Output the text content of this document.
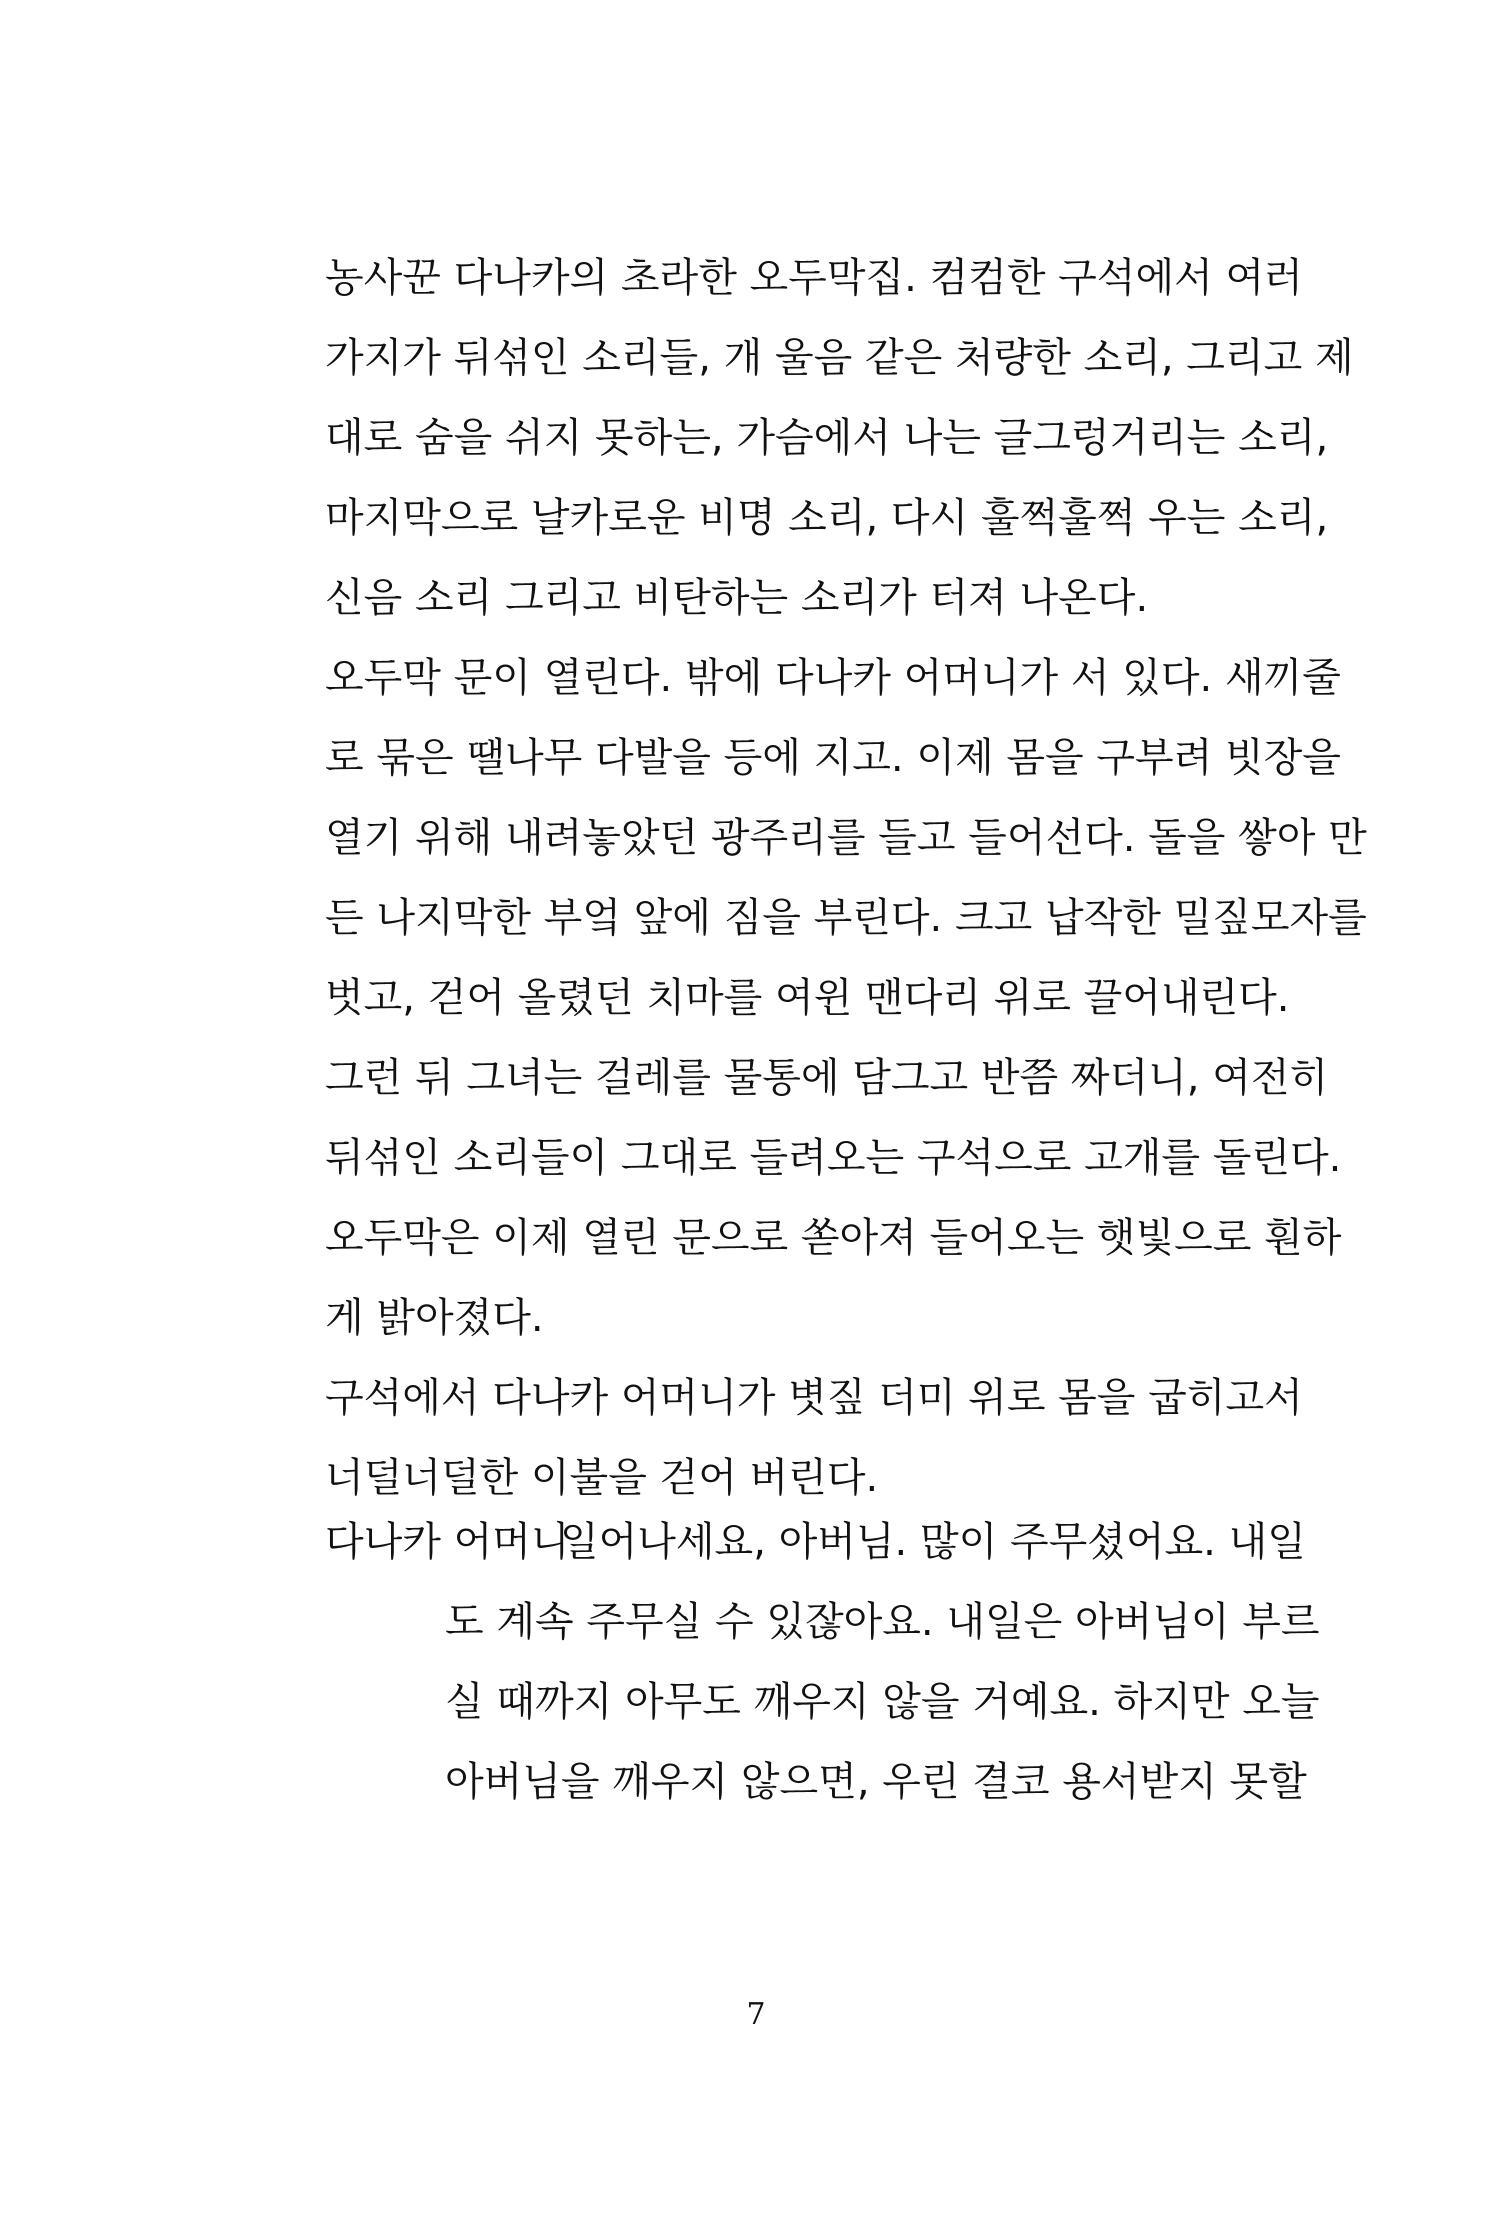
농사꾼 다나카의 초라한 오두막집. 컴컴한 구석에서 여러
가지가 뒤섞인 소리들, 개 울음 같은 처량한 소리, 그리고 제
대로 숨을 쉬지 못하는, 가슴에서 나는 글그렁거리는 소리,
마지막으로 날카로운 비명 소리, 다시 훌쩍훌쩍 우는 소리,
신음 소리 그리고 비탄하는 소리가 터져 나온다.
오두막 문이 열린다. 밖에 다나카 어머니가 서 있다. 새끼줄
로 묶은 땔나무 다발을 등에 지고. 이제 몸을 구부려 빗장을
열기 위해 내려놓았던 광주리를 들고 들어선다. 돌을 쌓아 만
든 나지막한 부엌 앞에 짐을 부린다. 크고 납작한 밀짚모자를
벗고, 걷어 올렸던 치마를 여윈 맨다리 위로 끌어내린다.
그런 뒤 그녀는 걸레를 물통에 담그고 반쯤 짜더니, 여전히
뒤섞인 소리들이 그대로 들려오는 구석으로 고개를 돌린다.
오두막은 이제 열린 문으로 쏟아져 들어오는 햇빛으로 훤하
게 밝아졌다.
구석에서 다나카 어머니가 볏짚 더미 위로 몸을 굽히고서
너덜너덜한 이불을 걷어 버린다.
다나카 어머니
일어나세요, 아버님. 많이 주무셨어요. 내일
도 계속 주무실 수 있잖아요. 내일은 아버님이 부르
실 때까지 아무도 깨우지 않을 거예요. 하지만 오늘
아버님을 깨우지 않으면, 우린 결코 용서받지 못할
7
